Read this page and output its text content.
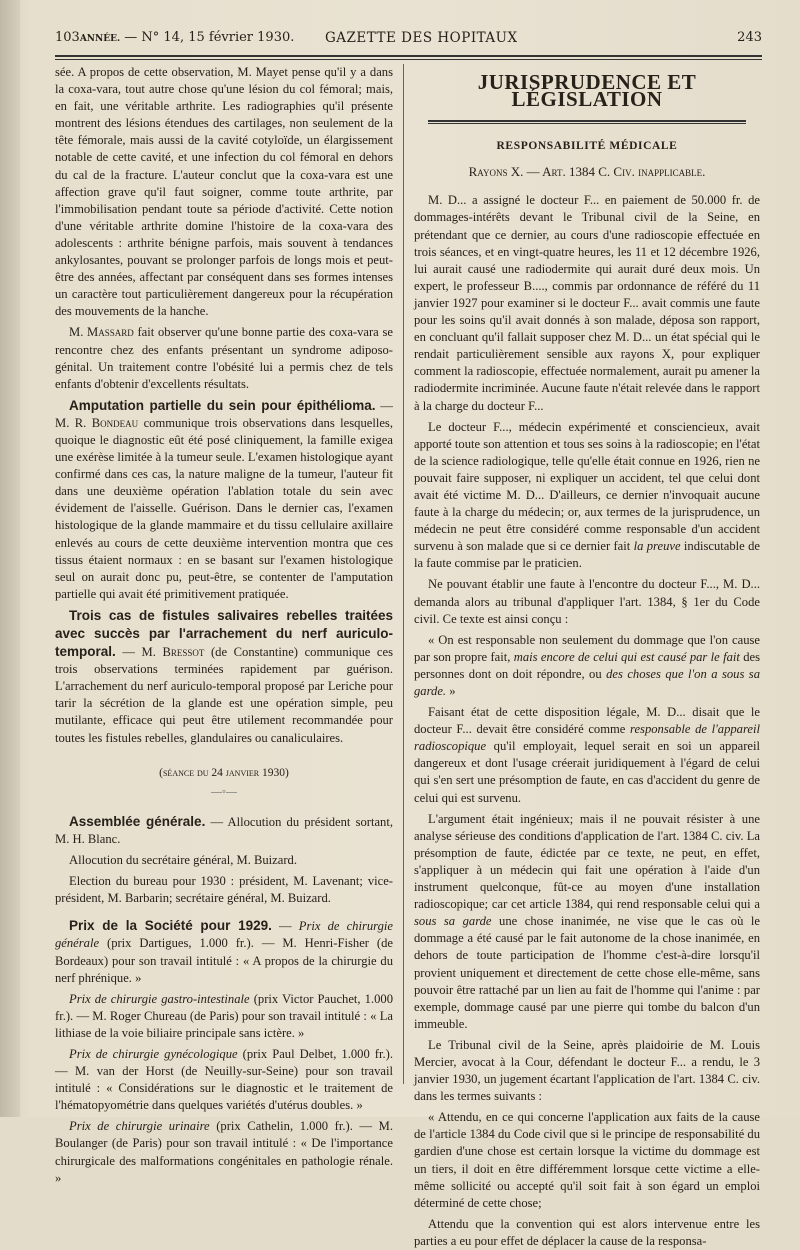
103ANNÉE. — N° 14, 15 février 1930. GAZETTE DES HOPITAUX	243

sée. A propos de cette observation, M. Mayet pense qu'il y a dans la coxa-vara, tout autre chose qu'une lésion du col fémoral; mais, en fait, une véritable arthrite. Les radiographies qu'il présente montrent des lésions étendues des cartilages, non seulement de la tête fémorale, mais aussi de la cavité cotyloïde, un élargissement notable de cette cavité, et une infection du col fémoral en dehors du cal de la fracture. L'auteur conclut que la coxa-vara est une affection grave qu'il faut soigner, comme toute arthrite, par l'immobilisation pendant toute sa période d'activité. Cette notion d'une véritable arthrite domine l'histoire de la coxa-vara des adolescents : arthrite bénigne parfois, mais souvent à tendances ankylosantes, pouvant se prolonger parfois de longs mois et peut-être des années, affectant par conséquent dans ses formes intenses un caractère tout particulièrement dangereux pour la récupération des mouvements de la hanche.

M. Massard fait observer qu'une bonne partie des coxa-vara se rencontre chez des enfants présentant un syndrome adiposo-génital. Un traitement contre l'obésité lui a permis chez de tels enfants d'obtenir d'excellents résultats.

Amputation partielle du sein pour épithélioma. — M. R. Bondeau communique trois observations dans lesquelles, quoique le diagnostic eût été posé cliniquement, la famille exigea une exérèse limitée à la tumeur seule. L'examen histologique ayant confirmé dans ces cas, la nature maligne de la tumeur, l'auteur fit dans une deuxième opération l'ablation totale du sein avec évidement de l'aisselle. Guérison. Dans le dernier cas, l'examen histologique de la glande mammaire et du tissu cellulaire axillaire enlevés au cours de cette deuxième intervention montra que ces tissus étaient normaux : en se basant sur l'examen histologique seul on aurait donc pu, peut-être, se contenter de l'amputation partielle qui avait été primitivement pratiquée.

Trois cas de fistules salivaires rebelles traitées avec succès par l'arrachement du nerf auriculo-temporal. — M. Bressot (de Constantine) communique ces trois observations terminées rapidement par guérison. L'arrachement du nerf auriculo-temporal proposé par Leriche pour tarir la sécrétion de la glande est une opération simple, peu mutilante, efficace qui peut être utilement recommandée pour toutes les fistules rebelles, glandulaires ou canaliculaires.

(séance du 24 janvier 1930)
—◦—

Assemblée générale. — Allocution du président sortant, M. H. Blanc.

Allocution du secrétaire général, M. Buizard.

Election du bureau pour 1930 : président, M. Lavenant; vice-président, M. Barbarin; secrétaire général, M. Buizard.

Prix de la Société pour 1929. — Prix de chirurgie générale (prix Dartigues, 1.000 fr.). — M. Henri-Fisher (de Bordeaux) pour son travail intitulé : « A propos de la chirurgie du nerf phrénique. »

Prix de chirurgie gastro-intestinale (prix Victor Pauchet, 1.000 fr.). — M. Roger Chureau (de Paris) pour son travail intitulé : « La lithiase de la voie biliaire principale sans ictère. »

Prix de chirurgie gynécologique (prix Paul Delbet, 1.000 fr.). — M. van der Horst (de Neuilly-sur-Seine) pour son travail intitulé : « Considérations sur le diagnostic et le traitement de l'hématopyométrie dans quelques variétés d'utérus doubles. »

Prix de chirurgie urinaire (prix Cathelin, 1.000 fr.). — M. Boulanger (de Paris) pour son travail intitulé : « De l'importance chirurgicale des malformations congénitales en pathologie rénale. »

JURISPRUDENCE ET LÉGISLATION
RESPONSABILITÉ MÉDICALE
Rayons X. — Art. 1384 C. Civ. inapplicable.

M. D... a assigné le docteur F... en paiement de 50.000 fr. de dommages-intérêts devant le Tribunal civil de la Seine, en prétendant que ce dernier, au cours d'une radioscopie effectuée en trois séances, et en vingt-quatre heures, les 11 et 12 décembre 1926, lui aurait causé une radiodermite qui aurait duré deux mois. Un expert, le professeur B...., commis par ordonnance de référé du 11 janvier 1927 pour examiner si le docteur F... avait commis une faute pour les soins qu'il avait donnés à son malade, déposa son rapport, en concluant qu'il fallait supposer chez M. D... un état spécial qui le rendait particulièrement sensible aux rayons X, pour expliquer comment la radioscopie, effectuée normalement, aurait pu amener la radiodermite incriminée. Aucune faute n'était relevée dans le rapport à la charge du docteur F...

Le docteur F..., médecin expérimenté et consciencieux, avait apporté toute son attention et tous ses soins à la radioscopie; en l'état de la science radiologique, telle qu'elle était connue en 1926, rien ne pouvait faire supposer, ni expliquer un accident, tel que celui dont avait été victime M. D... D'ailleurs, ce dernier n'invoquait aucune faute à la charge du médecin; or, aux termes de la jurisprudence, un médecin ne peut être considéré comme responsable d'un accident survenu à son malade que si ce dernier fait la preuve indiscutable de la faute commise par le praticien.

Ne pouvant établir une faute à l'encontre du docteur F..., M. D... demanda alors au tribunal d'appliquer l'art. 1384, § 1er du Code civil. Ce texte est ainsi conçu :

« On est responsable non seulement du dommage que l'on cause par son propre fait, mais encore de celui qui est causé par le fait des personnes dont on doit répondre, ou des choses que l'on a sous sa garde. »

Faisant état de cette disposition légale, M. D... disait que le docteur F... devait être considéré comme responsable de l'appareil radioscopique qu'il employait, lequel serait en soi un appareil dangereux et dont l'usage créerait juridiquement à l'égard de celui qui s'en sert une présomption de faute, en cas d'accident du genre de celui qui est survenu.

L'argument était ingénieux; mais il ne pouvait résister à une analyse sérieuse des conditions d'application de l'art. 1384 C. civ. La présomption de faute, édictée par ce texte, ne peut, en effet, s'appliquer à un médecin qui fait une opération à l'aide d'un instrument quelconque, fût-ce au moyen d'une installation radioscopique; car cet article 1384, qui rend responsable celui qui a sous sa garde une chose inanimée, ne vise que le cas où le dommage a été causé par le fait autonome de la chose inanimée, en dehors de toute participation de l'homme c'est-à-dire lorsqu'il provient uniquement et directement de cette chose elle-même, sans pouvoir être rattaché par un lien au fait de l'homme qui l'anime : par exemple, dommage causé par une pierre qui tombe du balcon d'un immeuble.

Le Tribunal civil de la Seine, après plaidoirie de M. Louis Mercier, avocat à la Cour, défendant le docteur F... a rendu, le 3 janvier 1930, un jugement écartant l'application de l'art. 1384 C. civ. dans les termes suivants :

« Attendu, en ce qui concerne l'application aux faits de la cause de l'article 1384 du Code civil que si le principe de responsabilité du gardien d'une chose est certain lorsque la victime du dommage est un tiers, il doit en être différemment lorsque cette victime a elle-même sollicité ou accepté qu'il soit fait à son égard un emploi déterminé de cette chose;

Attendu que la convention qui est alors intervenue entre les parties a eu pour effet de déplacer la cause de la responsa-
